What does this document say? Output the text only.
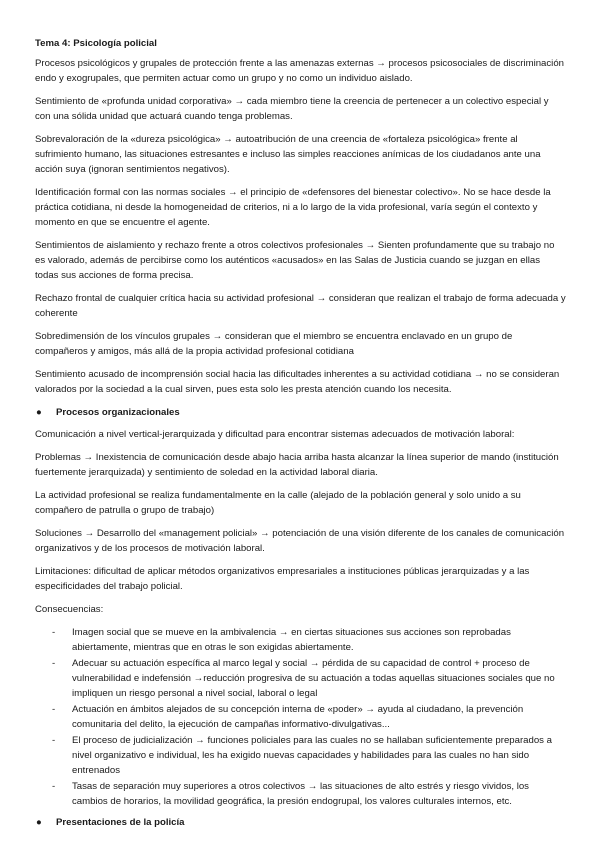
Tema 4: Psicología policial

Procesos psicológicos y grupales de protección frente a las amenazas externas → procesos psicosociales de discriminación endo y exogrupales, que permiten actuar como un grupo y no como un individuo aislado.

Sentimiento de «profunda unidad corporativa» → cada miembro tiene la creencia de pertenecer a un colectivo especial y con una sólida unidad que actuará cuando tenga problemas.

Sobrevaloración de la «dureza psicológica» → autoatribución de una creencia de «fortaleza psicológica» frente al sufrimiento humano, las situaciones estresantes e incluso las simples reacciones anímicas de los ciudadanos ante una acción suya (ignoran sentimientos negativos).

Identificación formal con las normas sociales → el principio de «defensores del bienestar colectivo». No se hace desde la práctica cotidiana, ni desde la homogeneidad de criterios, ni a lo largo de la vida profesional, varía según el contexto y momento en que se encuentre el agente.

Sentimientos de aislamiento y rechazo frente a otros colectivos profesionales → Sienten profundamente que su trabajo no es valorado, además de percibirse como los auténticos «acusados» en las Salas de Justicia cuando se juzgan en ellas todas sus acciones de forma precisa.

Rechazo frontal de cualquier crítica hacia su actividad profesional → consideran que realizan el trabajo de forma adecuada y coherente

Sobredimensión de los vínculos grupales → consideran que el miembro se encuentra enclavado en un grupo de compañeros y amigos, más allá de la propia actividad profesional cotidiana

Sentimiento acusado de incomprensión social hacia las dificultades inherentes a su actividad cotidiana → no se consideran valorados por la sociedad a la cual sirven, pues esta solo les presta atención cuando los necesita.

●	Procesos organizacionales

Comunicación a nivel vertical-jerarquizada y dificultad para encontrar sistemas adecuados de motivación laboral:

Problemas → Inexistencia de comunicación desde abajo hacia arriba hasta alcanzar la línea superior de mando (institución fuertemente jerarquizada) y sentimiento de soledad en la actividad laboral diaria.

La actividad profesional se realiza fundamentalmente en la calle (alejado de la población general y solo unido a su compañero de patrulla o grupo de trabajo)

Soluciones → Desarrollo del «management policial» → potenciación de una visión diferente de los canales de comunicación organizativos y de los procesos de motivación laboral.

Limitaciones: dificultad de aplicar métodos organizativos empresariales a instituciones públicas jerarquizadas y a las especificidades del trabajo policial.

Consecuencias:

-	Imagen social que se mueve en la ambivalencia → en ciertas situaciones sus acciones son reprobadas abiertamente, mientras que en otras le son exigidas abiertamente.
-	Adecuar su actuación específica al marco legal y social → pérdida de su capacidad de control + proceso de vulnerabilidad e indefensión →reducción progresiva de su actuación a todas aquellas situaciones sociales que no impliquen un riesgo personal a nivel social, laboral o legal
-	Actuación en ámbitos alejados de su concepción interna de «poder» → ayuda al ciudadano, la prevención comunitaria del delito, la ejecución de campañas informativo-divulgativas...
-	El proceso de judicialización → funciones policiales para las cuales no se hallaban suficientemente preparados a nivel organizativo e individual, les ha exigido nuevas capacidades y habilidades para las cuales no han sido entrenados
-	Tasas de separación muy superiores a otros colectivos → las situaciones de alto estrés y riesgo vividos, los cambios de horarios, la movilidad geográfica, la presión endogrupal, los valores culturales internos, etc.
●	Presentaciones de la policía
